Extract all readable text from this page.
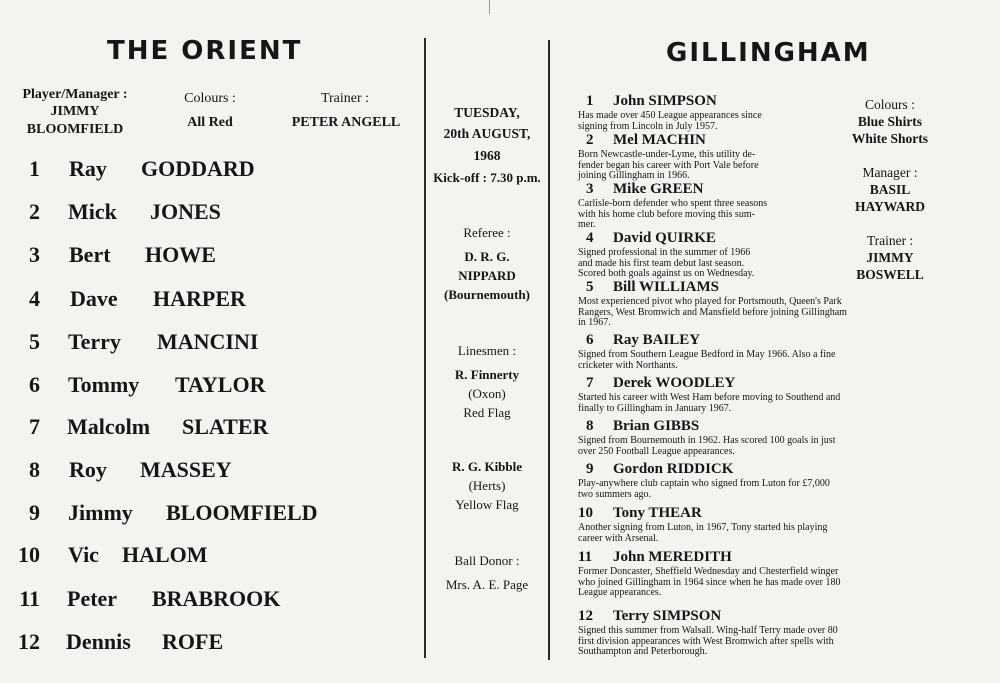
THE ORIENT
Player/Manager :
JIMMY
BLOOMFIELD
Colours :
All Red
Trainer :
PETER ANGELL
1 Ray GODDARD
2 Mick JONES
3 Bert HOWE
4 Dave HARPER
5 Terry MANCINI
6 Tommy TAYLOR
7 Malcolm SLATER
8 Roy MASSEY
9 Jimmy BLOOMFIELD
10 Vic HALOM
11 Peter BRABROOK
12 Dennis ROFE
TUESDAY,
20th AUGUST,
1968
Kick-off : 7.30 p.m.
Referee :
D. R. G.
NIPPARD
(Bournemouth)
Linesmen :
R. Finnerty
(Oxon)
Red Flag
R. G. Kibble
(Herts)
Yellow Flag
Ball Donor :
Mrs. A. E. Page
GILLINGHAM
Colours :
Blue Shirts
White Shorts
Manager :
BASIL
HAYWARD
Trainer :
JIMMY
BOSWELL
1 John SIMPSON
Has made over 450 League appearances since
signing from Lincoln in July 1957.
2 Mel MACHIN
Born Newcastle-under-Lyme, this utility de-
fender began his career with Port Vale before
joining Gillingham in 1966.
3 Mike GREEN
Carlisle-born defender who spent three seasons
with his home club before moving this sum-
mer.
4 David QUIRKE
Signed professional in the summer of 1966
and made his first team debut last season.
Scored both goals against us on Wednesday.
5 Bill WILLIAMS
Most experienced pivot who played for Portsmouth, Queen's Park
Rangers, West Bromwich and Mansfield before joining Gillingham
in 1967.
6 Ray BAILEY
Signed from Southern League Bedford in May 1966. Also a fine
cricketer with Northants.
7 Derek WOODLEY
Started his career with West Ham before moving to Southend and
finally to Gillingham in January 1967.
8 Brian GIBBS
Signed from Bournemouth in 1962. Has scored 100 goals in just
over 250 Football League appearances.
9 Gordon RIDDICK
Play-anywhere club captain who signed from Luton for £7,000
two summers ago.
10 Tony THEAR
Another signing from Luton, in 1967, Tony started his playing
career with Arsenal.
11 John MEREDITH
Former Doncaster, Sheffield Wednesday and Chesterfield winger
who joined Gillingham in 1964 since when he has made over 180
League appearances.
12 Terry SIMPSON
Signed this summer from Walsall. Wing-half Terry made over 80
first division appearances with West Bromwich after spells with
Southampton and Peterborough.
